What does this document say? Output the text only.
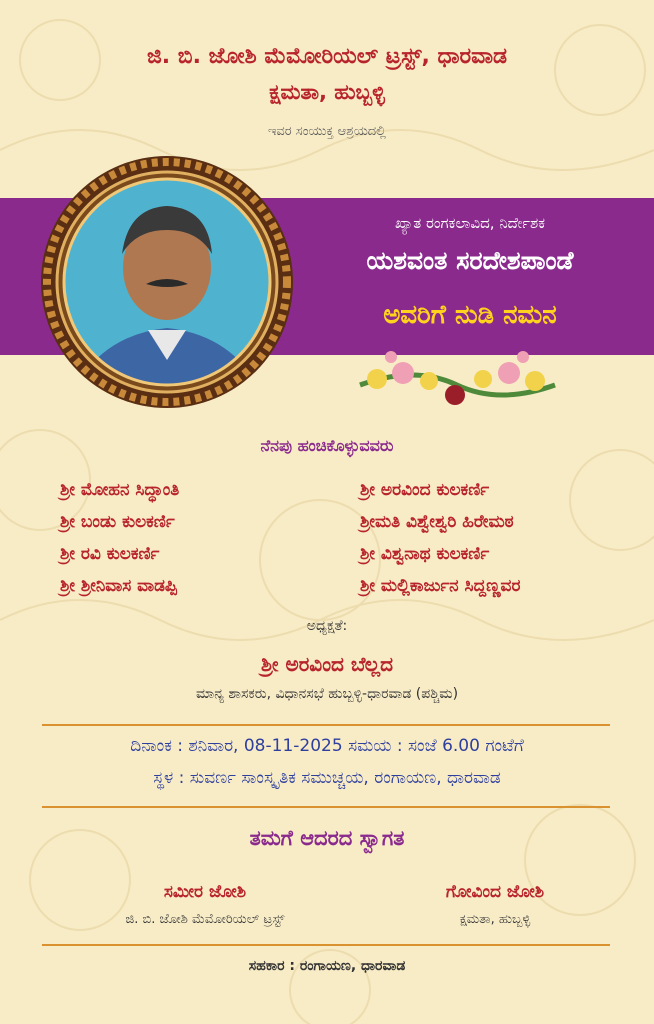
ಜಿ. ಬಿ. ಜೋಶಿ ಮೆಮೋರಿಯಲ್ ಟ್ರಸ್ಟ್, ಧಾರವಾಡ
ಕ್ಷಮತಾ, ಹುಬ್ಬಳ್ಳಿ
ಇವರ ಸಂಯುಕ್ತ ಆಶ್ರಯದಲ್ಲಿ
ಖ್ಯಾತ ರಂಗಕಲಾವಿದ, ನಿರ್ದೇಶಕ
ಯಶವಂತ ಸರದೇಶಪಾಂಡೆ
ಅವರಿಗೆ ನುಡಿ ನಮನ
ನೆನಪು ಹಂಚಿಕೊಳ್ಳುವವರು
ಶ್ರೀ ಮೋಹನ ಸಿದ್ಧಾಂತಿ
ಶ್ರೀ ಬಂಡು ಕುಲಕರ್ಣಿ
ಶ್ರೀ ರವಿ ಕುಲಕರ್ಣಿ
ಶ್ರೀ ಶ್ರೀನಿವಾಸ ವಾಡಪ್ಪಿ
ಶ್ರೀ ಅರವಿಂದ ಕುಲಕರ್ಣಿ
ಶ್ರೀಮತಿ ವಿಶ್ವೇಶ್ವರಿ ಹಿರೇಮಠ
ಶ್ರೀ ವಿಶ್ವನಾಥ ಕುಲಕರ್ಣಿ
ಶ್ರೀ ಮಲ್ಲಿಕಾರ್ಜುನ ಸಿದ್ದಣ್ಣವರ
ಅಧ್ಯಕ್ಷತೆ:
ಶ್ರೀ ಅರವಿಂದ ಬೆಲ್ಲದ
ಮಾನ್ಯ ಶಾಸಕರು, ವಿಧಾನಸಭೆ ಹುಬ್ಬಳ್ಳಿ-ಧಾರವಾಡ (ಪಶ್ಚಿಮ)
ದಿನಾಂಕ : ಶನಿವಾರ, 08-11-2025 ಸಮಯ : ಸಂಜೆ 6.00 ಗಂಟೆಗೆ
ಸ್ಥಳ : ಸುವರ್ಣ ಸಾಂಸ್ಕೃತಿಕ ಸಮುಚ್ಚಯ, ರಂಗಾಯಣ, ಧಾರವಾಡ
ತಮಗೆ ಆದರದ ಸ್ವಾಗತ
ಸಮೀರ ಜೋಶಿ
ಜಿ. ಬಿ. ಜೋಶಿ ಮೆಮೋರಿಯಲ್ ಟ್ರಸ್ಟ್
ಗೋವಿಂದ ಜೋಶಿ
ಕ್ಷಮತಾ, ಹುಬ್ಬಳ್ಳಿ
ಸಹಕಾರ : ರಂಗಾಯಣ, ಧಾರವಾಡ
